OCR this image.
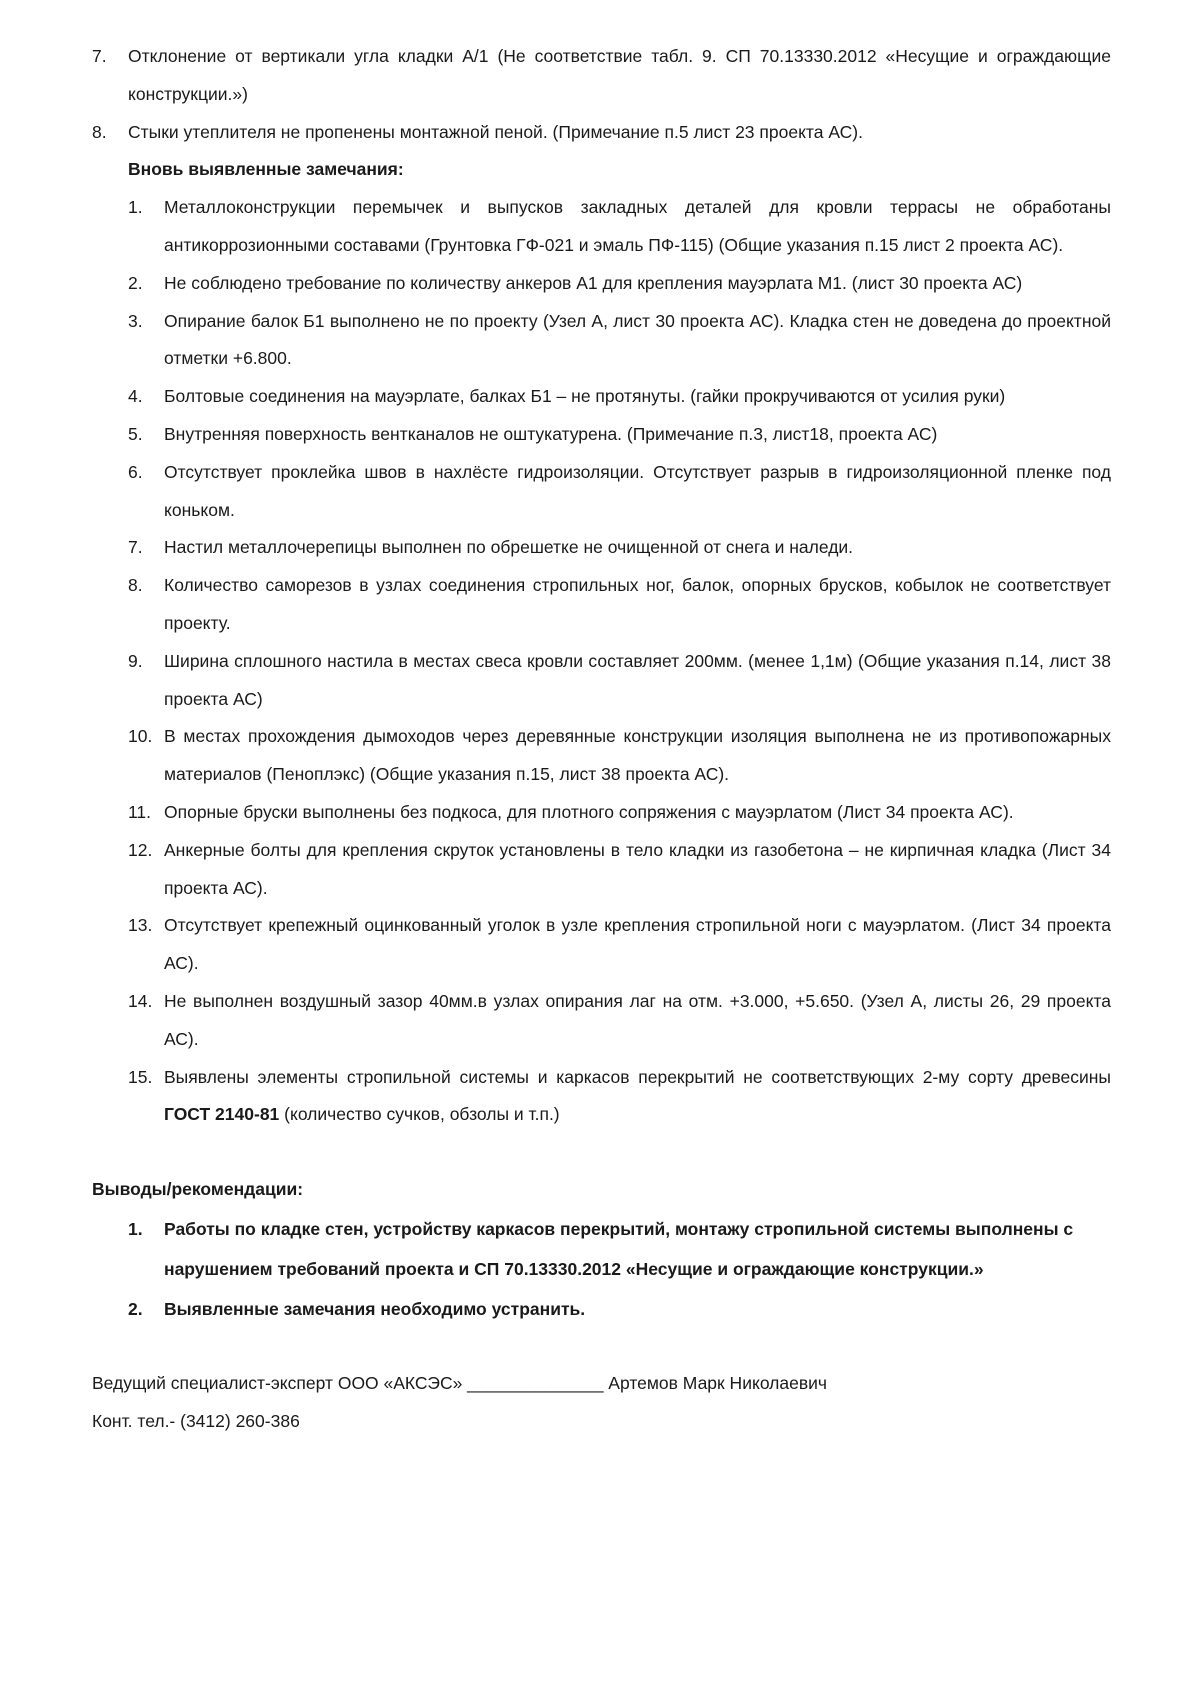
7.	Отклонение от вертикали угла кладки А/1 (Не соответствие табл. 9. СП 70.13330.2012 «Несущие и ограждающие конструкции.»)
8.	Стыки утеплителя не пропенены монтажной пеной. (Примечание п.5 лист 23 проекта АС).
Вновь выявленные замечания:
1.	Металлоконструкции перемычек и выпусков закладных деталей для кровли террасы не обработаны антикоррозионными составами (Грунтовка ГФ-021 и эмаль ПФ-115) (Общие указания п.15 лист 2 проекта АС).
2.	Не соблюдено требование по количеству анкеров А1 для крепления мауэрлата М1. (лист 30 проекта АС)
3.	Опирание балок Б1 выполнено не по проекту (Узел А, лист 30 проекта АС). Кладка стен не доведена до проектной отметки +6.800.
4.	Болтовые соединения на мауэрлате, балках Б1 – не протянуты. (гайки прокручиваются от усилия руки)
5.	Внутренняя поверхность вентканалов не оштукатурена. (Примечание п.3, лист18, проекта АС)
6.	Отсутствует проклейка швов в нахлёсте гидроизоляции. Отсутствует разрыв в гидроизоляционной пленке под коньком.
7.	Настил металлочерепицы выполнен по обрешетке не очищенной от снега и наледи.
8.	Количество саморезов в узлах соединения стропильных ног, балок, опорных брусков, кобылок не соответствует проекту.
9.	Ширина сплошного настила в местах свеса кровли составляет 200мм. (менее 1,1м) (Общие указания п.14, лист 38 проекта АС)
10. В местах прохождения дымоходов через деревянные конструкции изоляция выполнена не из противопожарных материалов (Пеноплэкс) (Общие указания п.15, лист 38 проекта АС).
11. Опорные бруски выполнены без подкоса, для плотного сопряжения с мауэрлатом (Лист 34 проекта АС).
12. Анкерные болты для крепления скруток установлены в тело кладки из газобетона – не кирпичная кладка (Лист 34 проекта АС).
13. Отсутствует крепежный оцинкованный уголок в узле крепления стропильной ноги с мауэрлатом. (Лист 34 проекта АС).
14. Не выполнен воздушный зазор 40мм.в узлах опирания лаг на отм. +3.000, +5.650. (Узел А, листы 26, 29 проекта АС).
15. Выявлены элементы стропильной системы и каркасов перекрытий не соответствующих 2-му сорту древесины ГОСТ 2140-81 (количество сучков, обзолы и т.п.)
Выводы/рекомендации:
1.	Работы по кладке стен, устройству каркасов перекрытий, монтажу стропильной системы выполнены с нарушением требований проекта и СП 70.13330.2012 «Несущие и ограждающие конструкции.»
2.	Выявленные замечания необходимо устранить.
Ведущий специалист-эксперт ООО «АКСЭС» ______________ Артемов Марк Николаевич
Конт. тел.- (3412) 260-386
